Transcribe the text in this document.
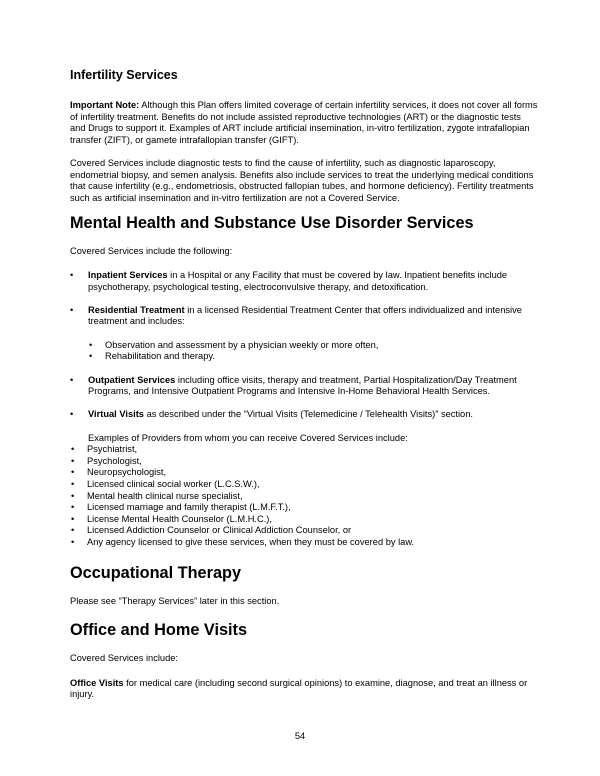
Infertility Services

Important Note: Although this Plan offers limited coverage of certain infertility services, it does not cover all forms of infertility treatment. Benefits do not include assisted reproductive technologies (ART) or the diagnostic tests and Drugs to support it. Examples of ART include artificial insemination, in-vitro fertilization, zygote intrafallopian transfer (ZIFT), or gamete intrafallopian transfer (GIFT).

Covered Services include diagnostic tests to find the cause of infertility, such as diagnostic laparoscopy, endometrial biopsy, and semen analysis. Benefits also include services to treat the underlying medical conditions that cause infertility (e.g., endometriosis, obstructed fallopian tubes, and hormone deficiency). Fertility treatments such as artificial insemination and in-vitro fertilization are not a Covered Service.

Mental Health and Substance Use Disorder Services

Covered Services include the following:

• Inpatient Services in a Hospital or any Facility that must be covered by law. Inpatient benefits include psychotherapy, psychological testing, electroconvulsive therapy, and detoxification.
• Residential Treatment in a licensed Residential Treatment Center that offers individualized and intensive treatment and includes:
• Observation and assessment by a physician weekly or more often,
• Rehabilitation and therapy.
• Outpatient Services including office visits, therapy and treatment, Partial Hospitalization/Day Treatment Programs, and Intensive Outpatient Programs and Intensive In-Home Behavioral Health Services.
• Virtual Visits as described under the “Virtual Visits (Telemedicine / Telehealth Visits)” section.

Examples of Providers from whom you can receive Covered Services include:

• Psychiatrist,
• Psychologist,
• Neuropsychologist,
• Licensed clinical social worker (L.C.S.W.),
• Mental health clinical nurse specialist,
• Licensed marriage and family therapist (L.M.F.T.),
• License Mental Health Counselor (L.M.H.C.),
• Licensed Addiction Counselor or Clinical Addiction Counselor, or
• Any agency licensed to give these services, when they must be covered by law.
Occupational Therapy

Please see “Therapy Services” later in this section.

Office and Home Visits

Covered Services include:

Office Visits for medical care (including second surgical opinions) to examine, diagnose, and treat an illness or injury.

54
